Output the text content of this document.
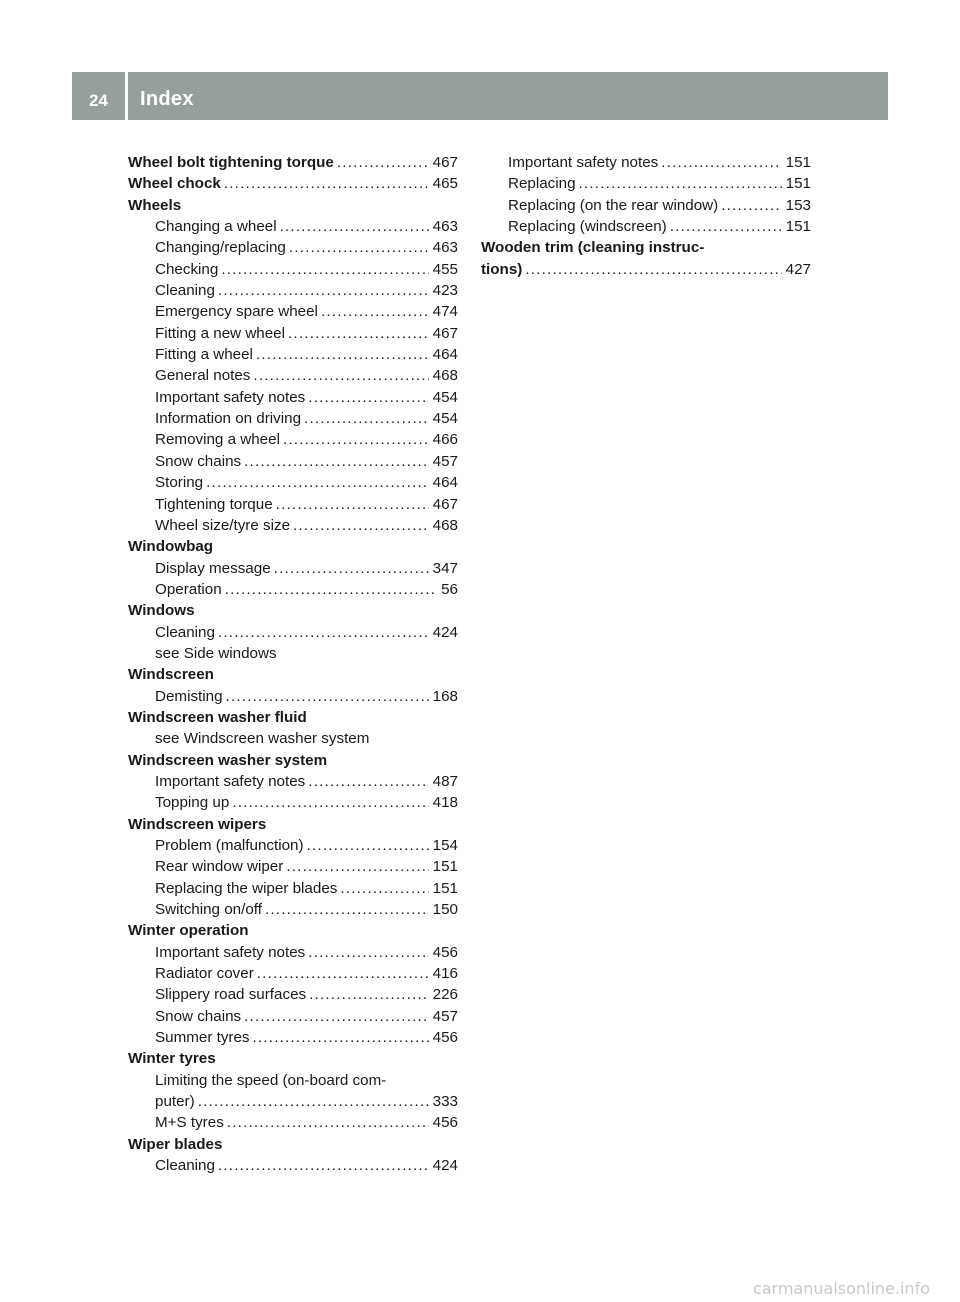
24	Index
Wheel bolt tightening torque .....	467
Wheel chock .....	465
Wheels
Changing a wheel .....	463
Changing/replacing .....	463
Checking .....	455
Cleaning .....	423
Emergency spare wheel .....	474
Fitting a new wheel .....	467
Fitting a wheel .....	464
General notes .....	468
Important safety notes .....	454
Information on driving .....	454
Removing a wheel .....	466
Snow chains .....	457
Storing .....	464
Tightening torque .....	467
Wheel size/tyre size .....	468
Windowbag
Display message .....	347
Operation .....	56
Windows
Cleaning .....	424
see Side windows
Windscreen
Demisting .....	168
Windscreen washer fluid
see Windscreen washer system
Windscreen washer system
Important safety notes .....	487
Topping up .....	418
Windscreen wipers
Problem (malfunction) .....	154
Rear window wiper .....	151
Replacing the wiper blades .....	151
Switching on/off .....	150
Winter operation
Important safety notes .....	456
Radiator cover .....	416
Slippery road surfaces .....	226
Snow chains .....	457
Summer tyres .....	456
Winter tyres
Limiting the speed (on-board com-
puter) .....	333
M+S tyres .....	456
Wiper blades
Cleaning .....	424
Important safety notes .....	151
Replacing .....	151
Replacing (on the rear window) .....	153
Replacing (windscreen) .....	151
Wooden trim (cleaning instruc-
tions) .....	427
carmanualsonline.info
